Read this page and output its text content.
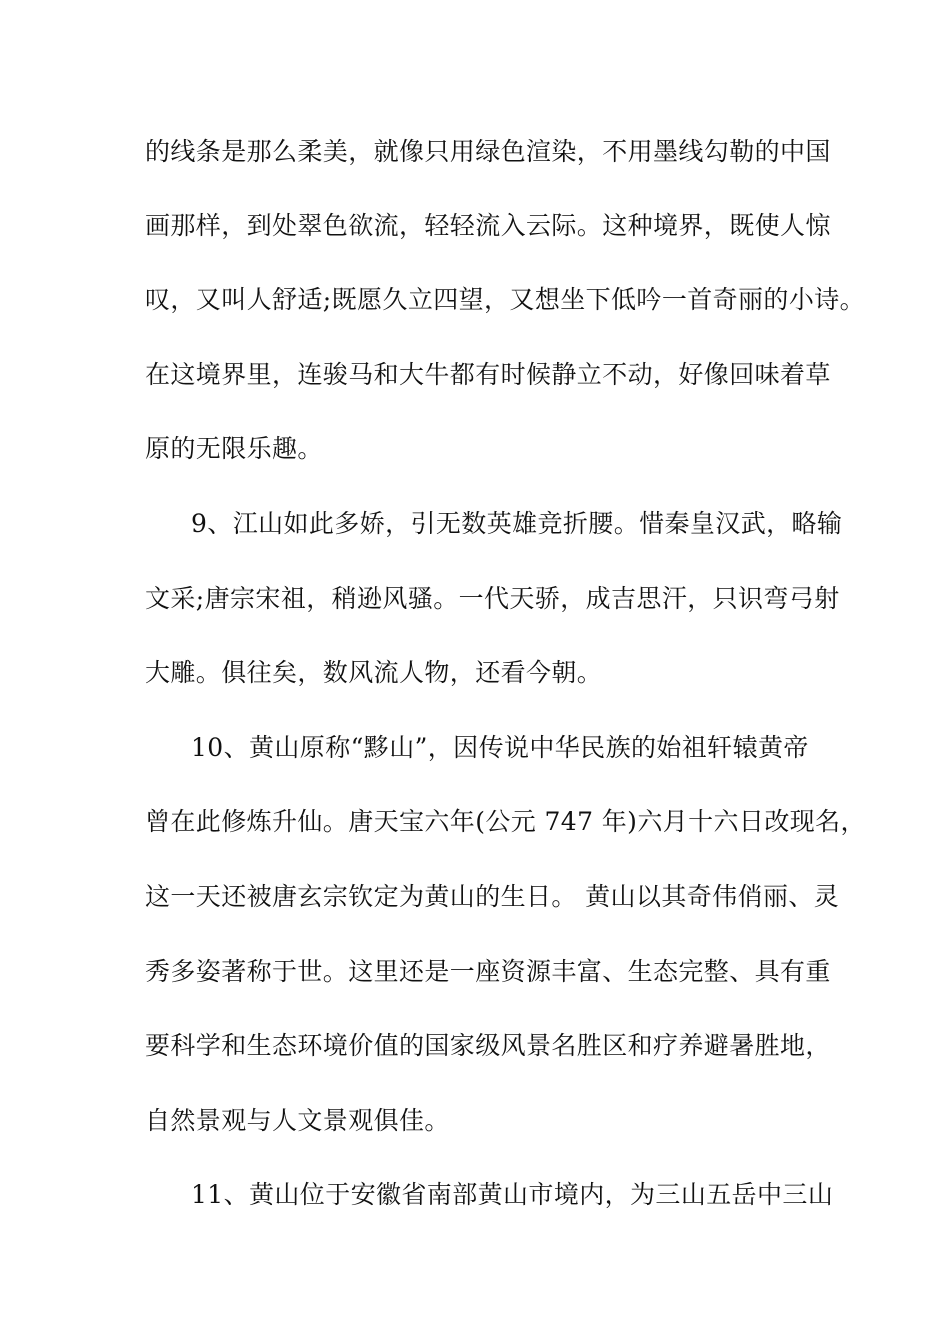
的线条是那么柔美，就像只用绿色渲染，不用墨线勾勒的中国
画那样，到处翠色欲流，轻轻流入云际。这种境界，既使人惊
叹，又叫人舒适;既愿久立四望，又想坐下低吟一首奇丽的小诗。
在这境界里，连骏马和大牛都有时候静立不动，好像回味着草
原的无限乐趣。
9、江山如此多娇，引无数英雄竞折腰。惜秦皇汉武，略输
文采;唐宗宋祖，稍逊风骚。一代天骄，成吉思汗，只识弯弓射
大雕。俱往矣，数风流人物，还看今朝。
10、黄山原称“黟山”，因传说中华民族的始祖轩辕黄帝
曾在此修炼升仙。唐天宝六年(公元 747 年)六月十六日改现名，
这一天还被唐玄宗钦定为黄山的生日。 黄山以其奇伟俏丽、灵
秀多姿著称于世。这里还是一座资源丰富、生态完整、具有重
要科学和生态环境价值的国家级风景名胜区和疗养避暑胜地，
自然景观与人文景观俱佳。
11、黄山位于安徽省南部黄山市境内，为三山五岳中三山
